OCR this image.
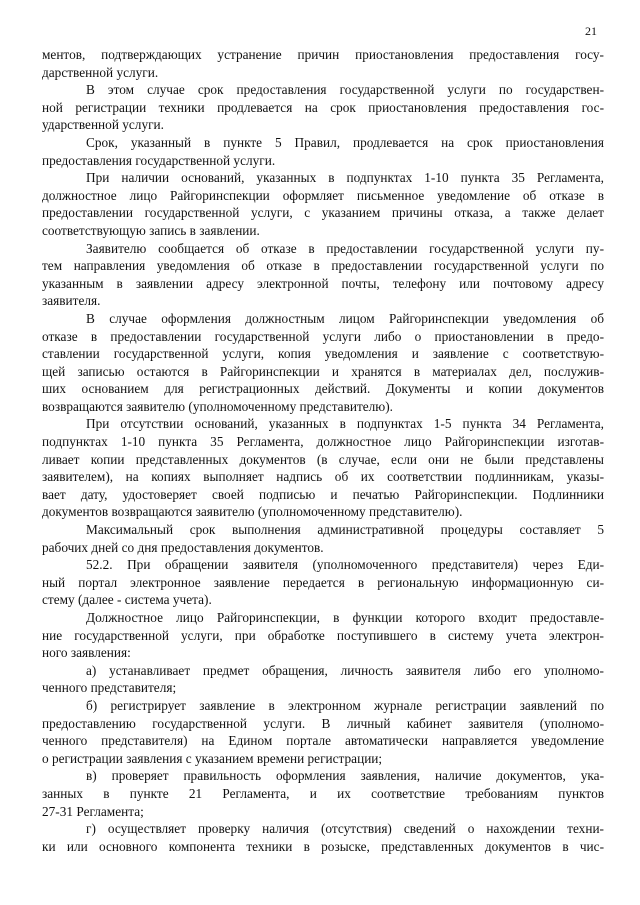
21
ментов, подтверждающих устранение причин приостановления предоставления госу-
дарственной услуги.
В этом случае срок предоставления государственной услуги по государствен-
ной регистрации техники продлевается на срок приостановления предоставления гос-
ударственной услуги.
Срок, указанный в пункте 5 Правил, продлевается на срок приостановления
предоставления государственной услуги.
При наличии оснований, указанных в подпунктах 1-10 пункта 35 Регламента,
должностное лицо Райгоринспекции оформляет письменное уведомление об отказе в
предоставлении государственной услуги, с указанием причины отказа, а также делает
соответствующую запись в заявлении.
Заявителю сообщается об отказе в предоставлении государственной услуги пу-
тем направления уведомления об отказе в предоставлении государственной услуги по
указанным в заявлении адресу электронной почты, телефону или почтовому адресу
заявителя.
В случае оформления должностным лицом Райгоринспекции уведомления об
отказе в предоставлении государственной услуги либо о приостановлении в предо-
ставлении государственной услуги, копия уведомления и заявление с соответствую-
щей записью остаются в Райгоринспекции и хранятся в материалах дел, послужив-
ших основанием для регистрационных действий. Документы и копии документов
возвращаются заявителю (уполномоченному представителю).
При отсутствии оснований, указанных в подпунктах 1-5 пункта 34 Регламента,
подпунктах 1-10 пункта 35 Регламента, должностное лицо Райгоринспекции изготав-
ливает копии представленных документов (в случае, если они не были представлены
заявителем), на копиях выполняет надпись об их соответствии подлинникам, указы-
вает дату, удостоверяет своей подписью и печатью Райгоринспекции. Подлинники
документов возвращаются заявителю (уполномоченному представителю).
Максимальный срок выполнения административной процедуры составляет 5
рабочих дней со дня предоставления документов.
52.2. При обращении заявителя (уполномоченного представителя) через Еди-
ный портал электронное заявление передается в региональную информационную си-
стему (далее - система учета).
Должностное лицо Райгоринспекции, в функции которого входит предоставле-
ние государственной услуги, при обработке поступившего в систему учета электрон-
ного заявления:
а) устанавливает предмет обращения, личность заявителя либо его уполномо-
ченного представителя;
б) регистрирует заявление в электронном журнале регистрации заявлений по
предоставлению государственной услуги. В личный кабинет заявителя (уполномо-
ченного представителя) на Едином портале автоматически направляется уведомление
о регистрации заявления с указанием времени регистрации;
в) проверяет правильность оформления заявления, наличие документов, ука-
занных в пункте 21 Регламента, и их соответствие требованиям пунктов
27-31 Регламента;
г) осуществляет проверку наличия (отсутствия) сведений о нахождении техни-
ки или основного компонента техники в розыске, представленных документов в чис-
